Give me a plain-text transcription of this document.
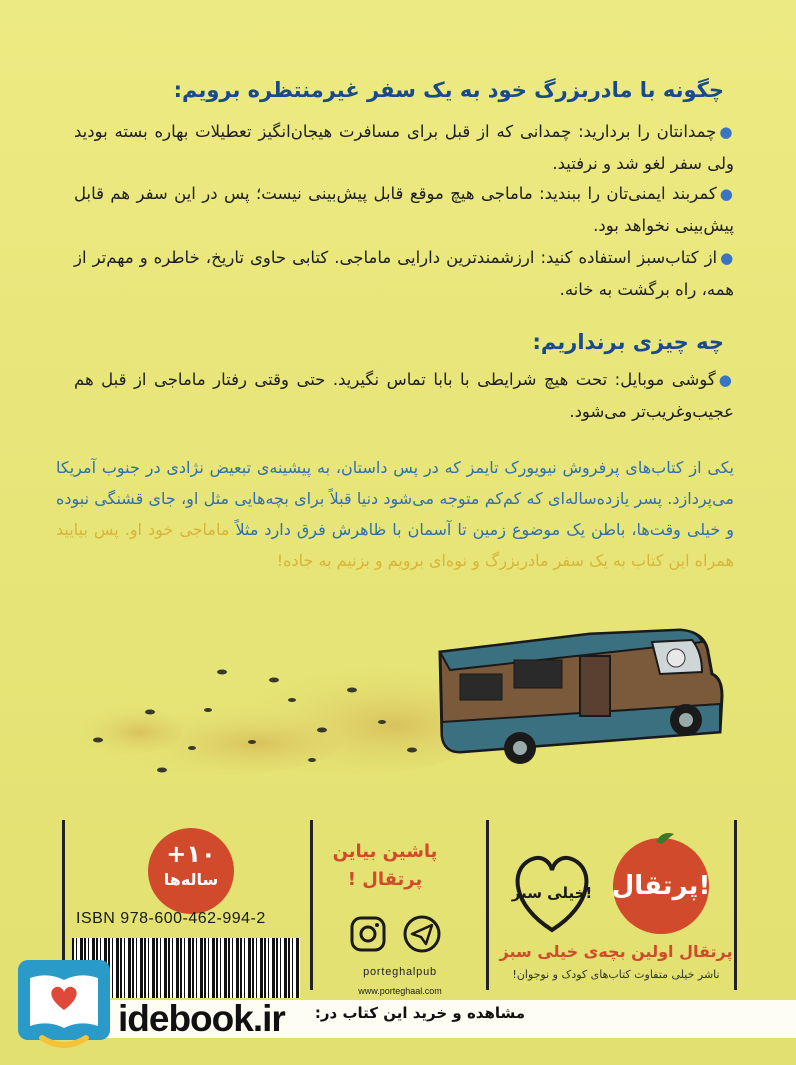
چگونه با مادربزرگ خود به یک سفر غیرمنتظره برویم:
●چمدانتان را بردارید: چمدانی که از قبل برای مسافرت هیجان‌انگیز تعطیلات بهاره بسته بودید ولی سفر لغو شد و نرفتید.
●کمربند ایمنی‌تان را ببندید: ماماجی هیچ موقع قابل پیش‌بینی نیست؛ پس در این سفر هم قابل پیش‌بینی نخواهد بود.
●از کتاب‌سبز استفاده کنید: ارزشمندترین دارایی ماماجی. کتابی حاوی تاریخ، خاطره و مهم‌تر از همه، راه برگشت به خانه.
چه چیزی برنداریم:
●گوشی موبایل: تحت هیچ شرایطی با بابا تماس نگیرید. حتی وقتی رفتار ماماجی از قبل هم عجیب‌وغریب‌تر می‌شود.
یکی از کتاب‌های پرفروش نیویورک تایمز که در پس داستان، به پیشینه‌ی تبعیض نژادی در جنوب آمریکا می‌پردازد. پسر یازده‌ساله‌ای که کم‌کم متوجه می‌شود دنیا قبلاً برای بچه‌هایی مثل او، جای قشنگی نبوده و خیلی وقت‌ها، باطن یک موضوع زمین تا آسمان با ظاهرش فرق دارد مثلاً ماماجی خود او. پس بیایید همراه این کتاب به یک سفر مادربزرگ و نوه‌ای برویم و بزنیم به جاده!
+۱۰
ساله‌ها
ISBN 978-600-462-994-2
پاشین بیاین
پرتقال !
porteghalpub
www.porteghaal.com
پرتقال!
خیلی سبز!
پرتقال اولین بچه‌ی خیلی سبز
ناشر خیلی متفاوت کتاب‌های کودک و نوجوان!
idebook.ir	مشاهده و خرید این کتاب در:
